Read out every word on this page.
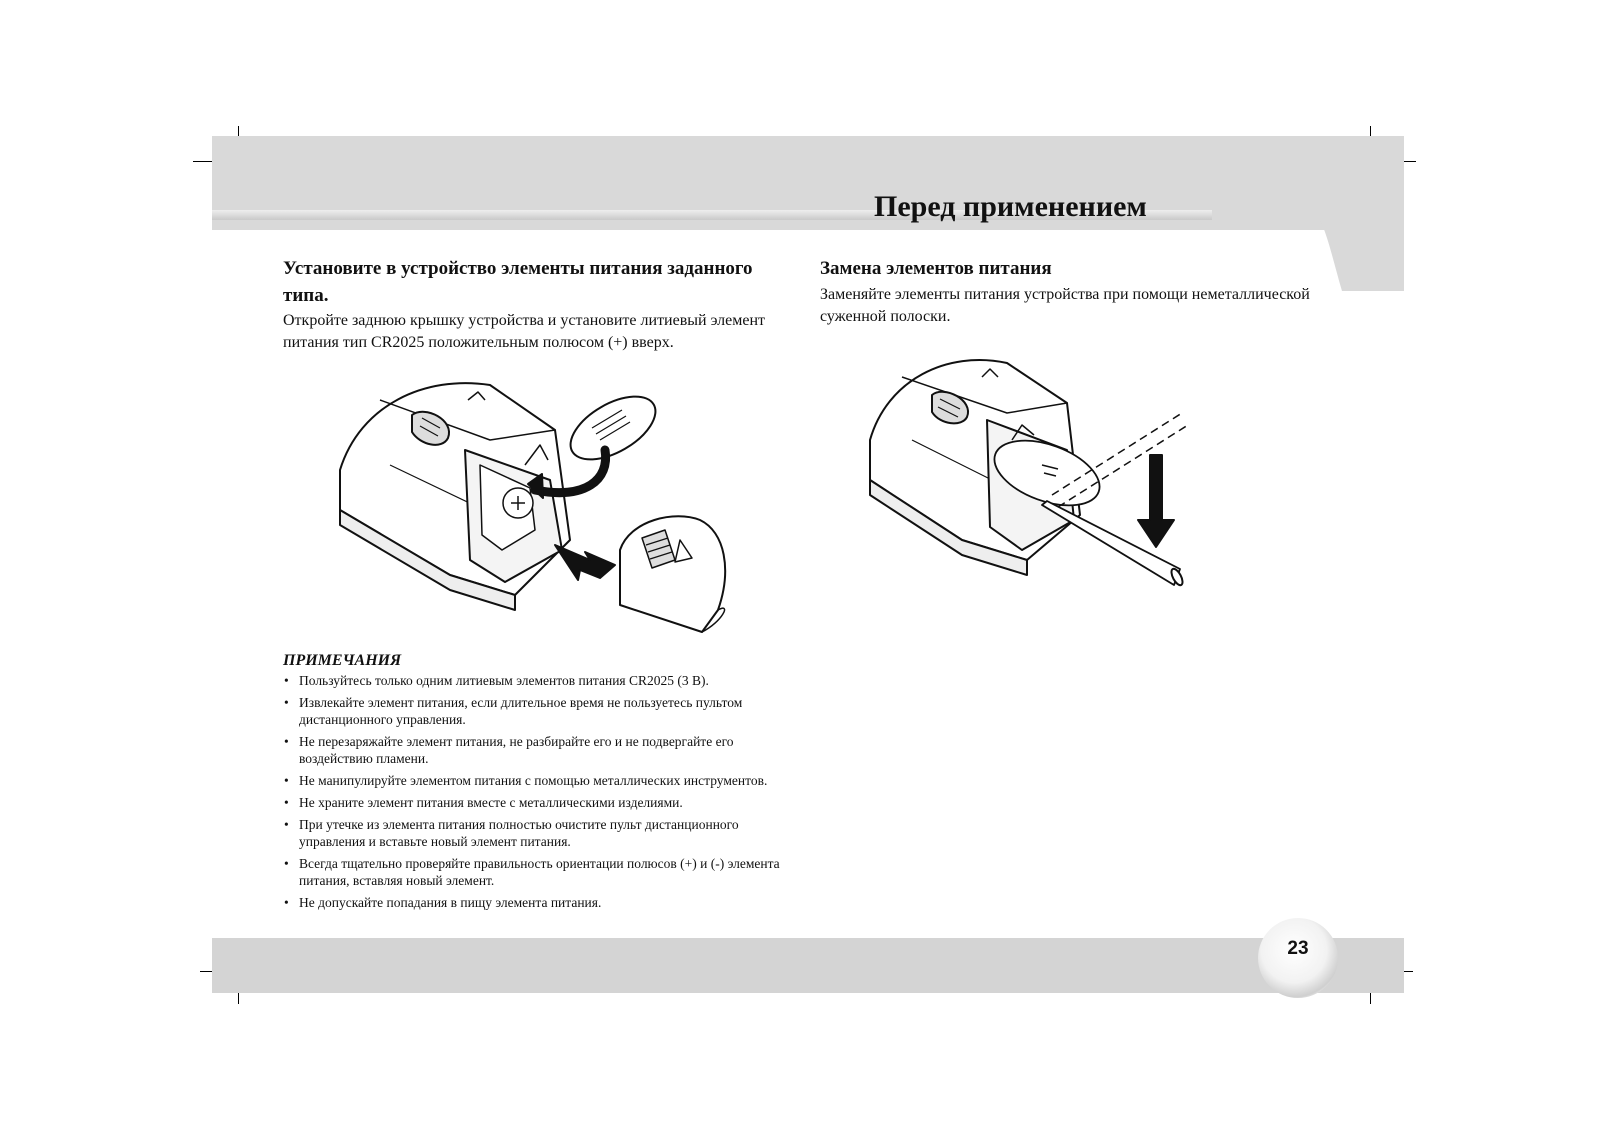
Перед применением
Установите в устройство элементы питания заданного типа.

Откройте заднюю крышку устройства и установите литиевый элемент питания тип CR2025 положительным полюсом (+) вверх.

ПРИМЕЧАНИЯ
• Пользуйтесь только одним литиевым элементов питания CR2025 (3 В).
• Извлекайте элемент питания, если длительное время не пользуетесь пультом дистанционного управления.
• Не перезаряжайте элемент питания, не разбирайте его и не подвергайте его воздействию пламени.
• Не манипулируйте элементом питания с помощью металлических инструментов.
• Не храните элемент питания вместе с металлическими изделиями.
• При утечке из элемента питания полностью очистите пульт дистанционного управления и вставьте новый элемент питания.
• Всегда тщательно проверяйте правильность ориентации полюсов (+) и (-) элемента питания, вставляя новый элемент.
• Не допускайте попадания в пищу элемента питания.
Замена элементов питания

Заменяйте элементы питания устройства при помощи неметаллической суженной полоски.

23
